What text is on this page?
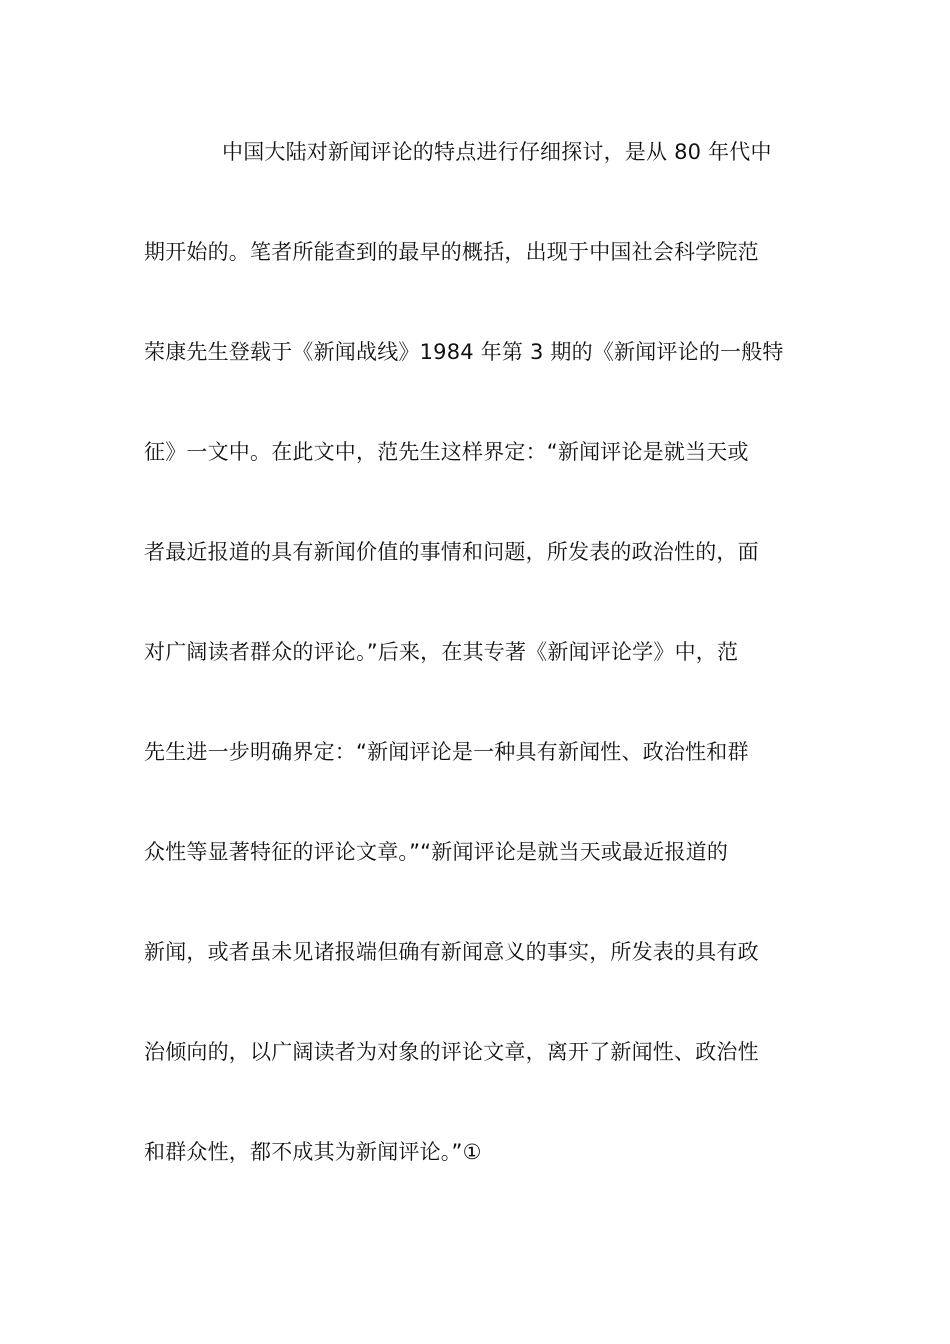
中国大陆对新闻评论的特点进行仔细探讨，是从 80 年代中
期开始的。笔者所能查到的最早的概括，出现于中国社会科学院范
荣康先生登载于《新闻战线》1984 年第 3 期的《新闻评论的一般特
征》一文中。在此文中，范先生这样界定：“新闻评论是就当天或
者最近报道的具有新闻价值的事情和问题，所发表的政治性的，面
对广阔读者群众的评论。”后来，在其专著《新闻评论学》中，范
先生进一步明确界定：“新闻评论是一种具有新闻性、政治性和群
众性等显著特征的评论文章。”“新闻评论是就当天或最近报道的
新闻，或者虽未见诸报端但确有新闻意义的事实，所发表的具有政
治倾向的，以广阔读者为对象的评论文章，离开了新闻性、政治性
和群众性，都不成其为新闻评论。”①
